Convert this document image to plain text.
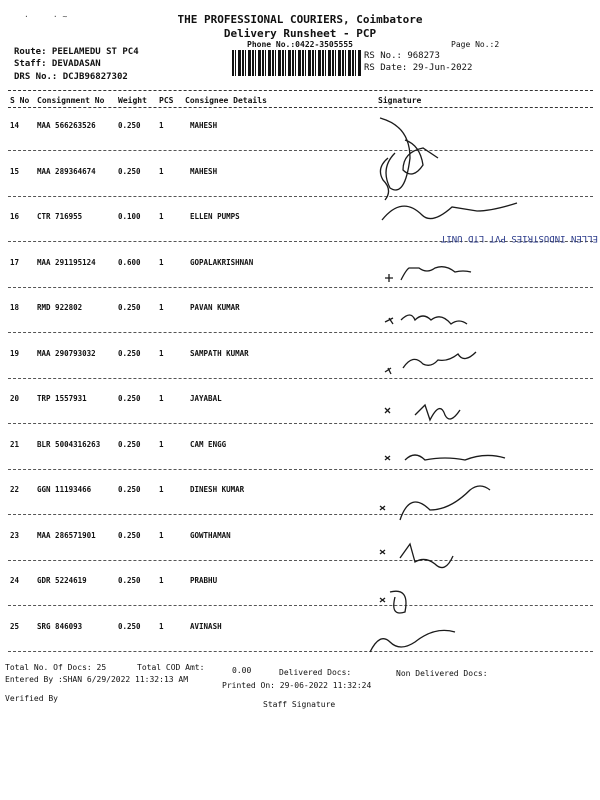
·     · ~	THE PROFESSIONAL COURIERS, Coimbatore
Delivery Runsheet - PCP
Phone No.:0422-3505555	Page No.:2
Route: PEELAMEDU ST PC4
Staff: DEVADASAN
DRS No.: DCJB96827302
RS No.: 968273
RS Date: 29-Jun-2022
S No Consignment No Weight PCS Consignee Details	Signature
14 MAA 566263526	0.250 1	MAHESH
15 MAA 289364674	0.250 1	MAHESH
16 CTR 716955	0.100 1	ELLEN PUMPS
17 MAA 291195124	0.600 1	GOPALAKRISHNAN
18 RMD 922802	0.250 1	PAVAN KUMAR
19 MAA 290793032	0.250 1	SAMPATH KUMAR
20 TRP 1557931	0.250 1	JAYABAL
21 BLR 5004316263 0.250 1	CAM ENGG
22 GGN 11193466	0.250 1	DINESH KUMAR
23 MAA 286571901	0.250 1	GOWTHAMAN
24 GDR 5224619	0.250 1	PRABHU
25 SRG 846093	0.250 1	AVINASH
ELLEN INDUSTRIES PVT LTD UNIT
Total No. Of Docs: 25	Total COD Amt:	0.00	Delivered Docs:	Non Delivered Docs:
Entered By :SHAN 6/29/2022 11:32:13 AM
Printed On: 29-06-2022 11:32:24
Verified By
Staff Signature
